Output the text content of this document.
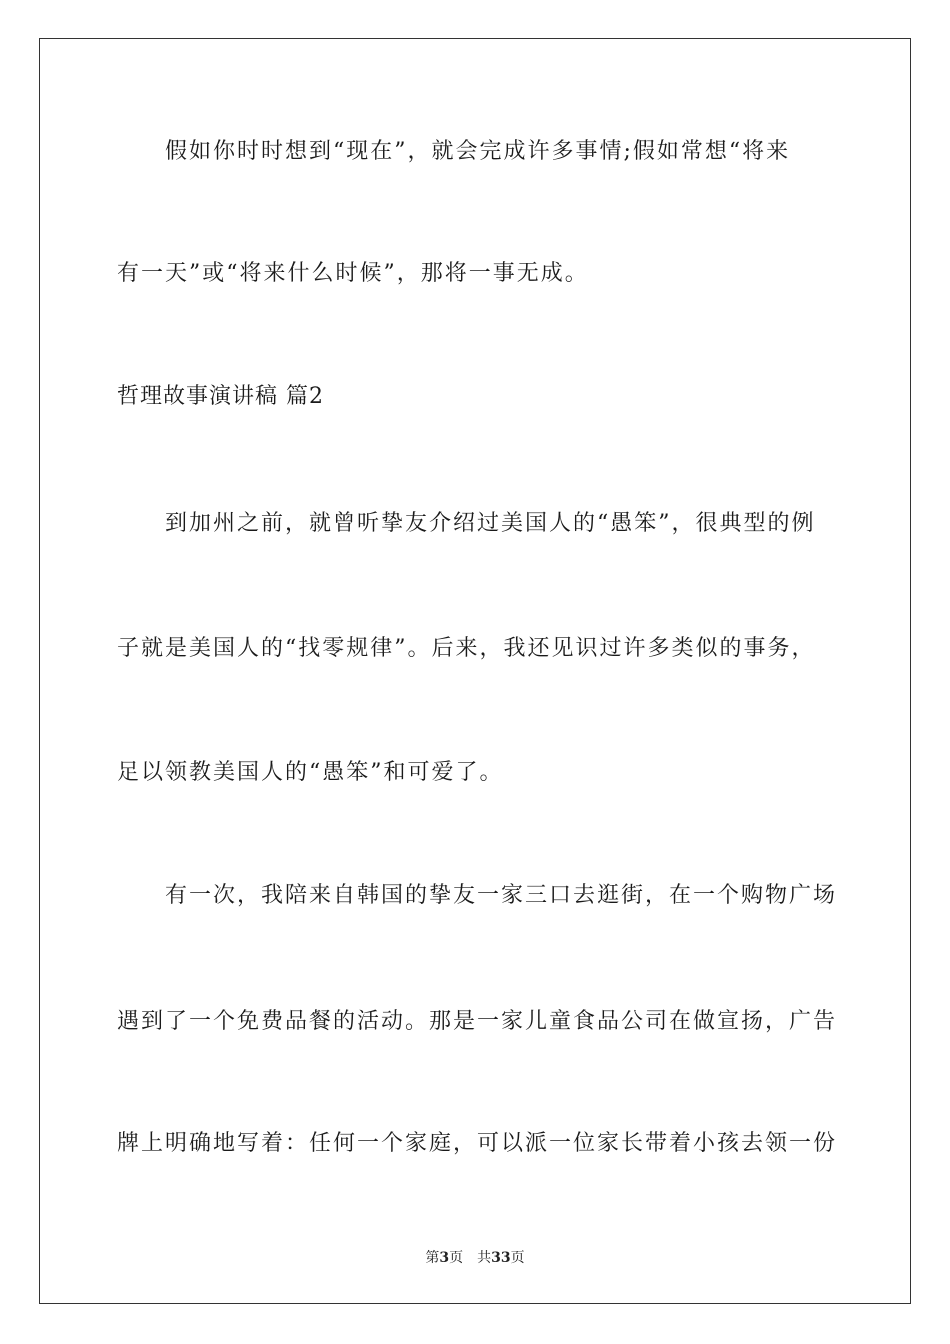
假如你时时想到“现在”，就会完成许多事情;假如常想“将来
有一天”或“将来什么时候”，那将一事无成。
哲理故事演讲稿 篇2
到加州之前，就曾听挚友介绍过美国人的“愚笨”，很典型的例
子就是美国人的“找零规律”。后来，我还见识过许多类似的事务，
足以领教美国人的“愚笨”和可爱了。
有一次，我陪来自韩国的挚友一家三口去逛街，在一个购物广场
遇到了一个免费品餐的活动。那是一家儿童食品公司在做宣扬，广告
牌上明确地写着：任何一个家庭，可以派一位家长带着小孩去领一份
第3页　共33页
